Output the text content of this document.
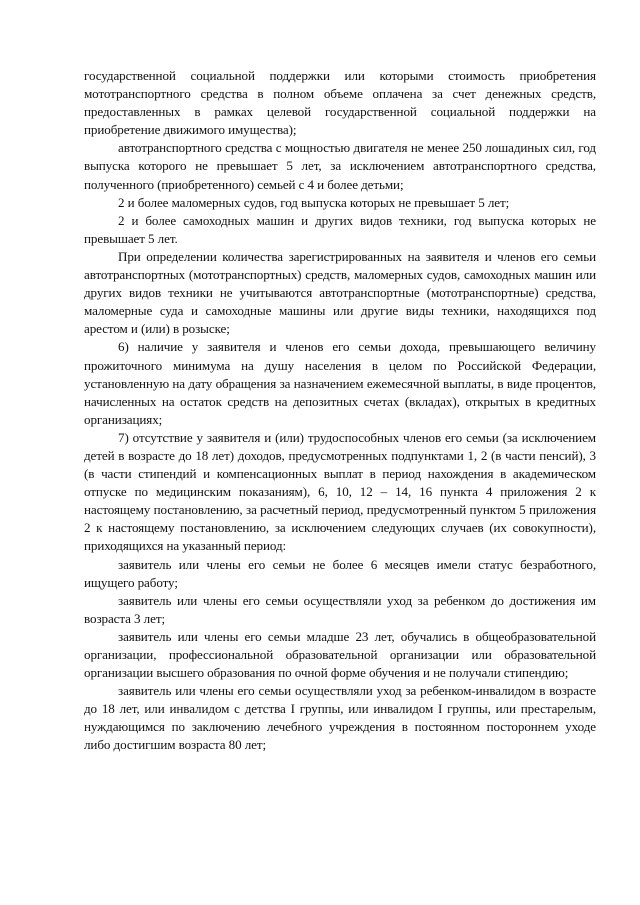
государственной социальной поддержки или которыми стоимость приобретения мототранспортного средства в полном объеме оплачена за счет денежных средств, предоставленных в рамках целевой государственной социальной поддержки на приобретение движимого имущества);

автотранспортного средства с мощностью двигателя не менее 250 лошадиных сил, год выпуска которого не превышает 5 лет, за исключением автотранспортного средства, полученного (приобретенного) семьей с 4 и более детьми;

2 и более маломерных судов, год выпуска которых не превышает 5 лет;

2 и более самоходных машин и других видов техники, год выпуска которых не превышает 5 лет.

При определении количества зарегистрированных на заявителя и членов его семьи автотранспортных (мототранспортных) средств, маломерных судов, самоходных машин или других видов техники не учитываются автотранспортные (мототранспортные) средства, маломерные суда и самоходные машины или другие виды техники, находящихся под арестом и (или) в розыске;

6) наличие у заявителя и членов его семьи дохода, превышающего величину прожиточного минимума на душу населения в целом по Российской Федерации, установленную на дату обращения за назначением ежемесячной выплаты, в виде процентов, начисленных на остаток средств на депозитных счетах (вкладах), открытых в кредитных организациях;

7) отсутствие у заявителя и (или) трудоспособных членов его семьи (за исключением детей в возрасте до 18 лет) доходов, предусмотренных подпунктами 1, 2 (в части пенсий), 3 (в части стипендий и компенсационных выплат в период нахождения в академическом отпуске по медицинским показаниям), 6, 10, 12 – 14, 16 пункта 4 приложения 2 к настоящему постановлению, за расчетный период, предусмотренный пунктом 5 приложения 2 к настоящему постановлению, за исключением следующих случаев (их совокупности), приходящихся на указанный период:

заявитель или члены его семьи не более 6 месяцев имели статус безработного, ищущего работу;

заявитель или члены его семьи осуществляли уход за ребенком до достижения им возраста 3 лет;

заявитель или члены его семьи младше 23 лет, обучались в общеобразовательной организации, профессиональной образовательной организации или образовательной организации высшего образования по очной форме обучения и не получали стипендию;

заявитель или члены его семьи осуществляли уход за ребенком-инвалидом в возрасте до 18 лет, или инвалидом с детства I группы, или инвалидом I группы, или престарелым, нуждающимся по заключению лечебного учреждения в постоянном постороннем уходе либо достигшим возраста 80 лет;
